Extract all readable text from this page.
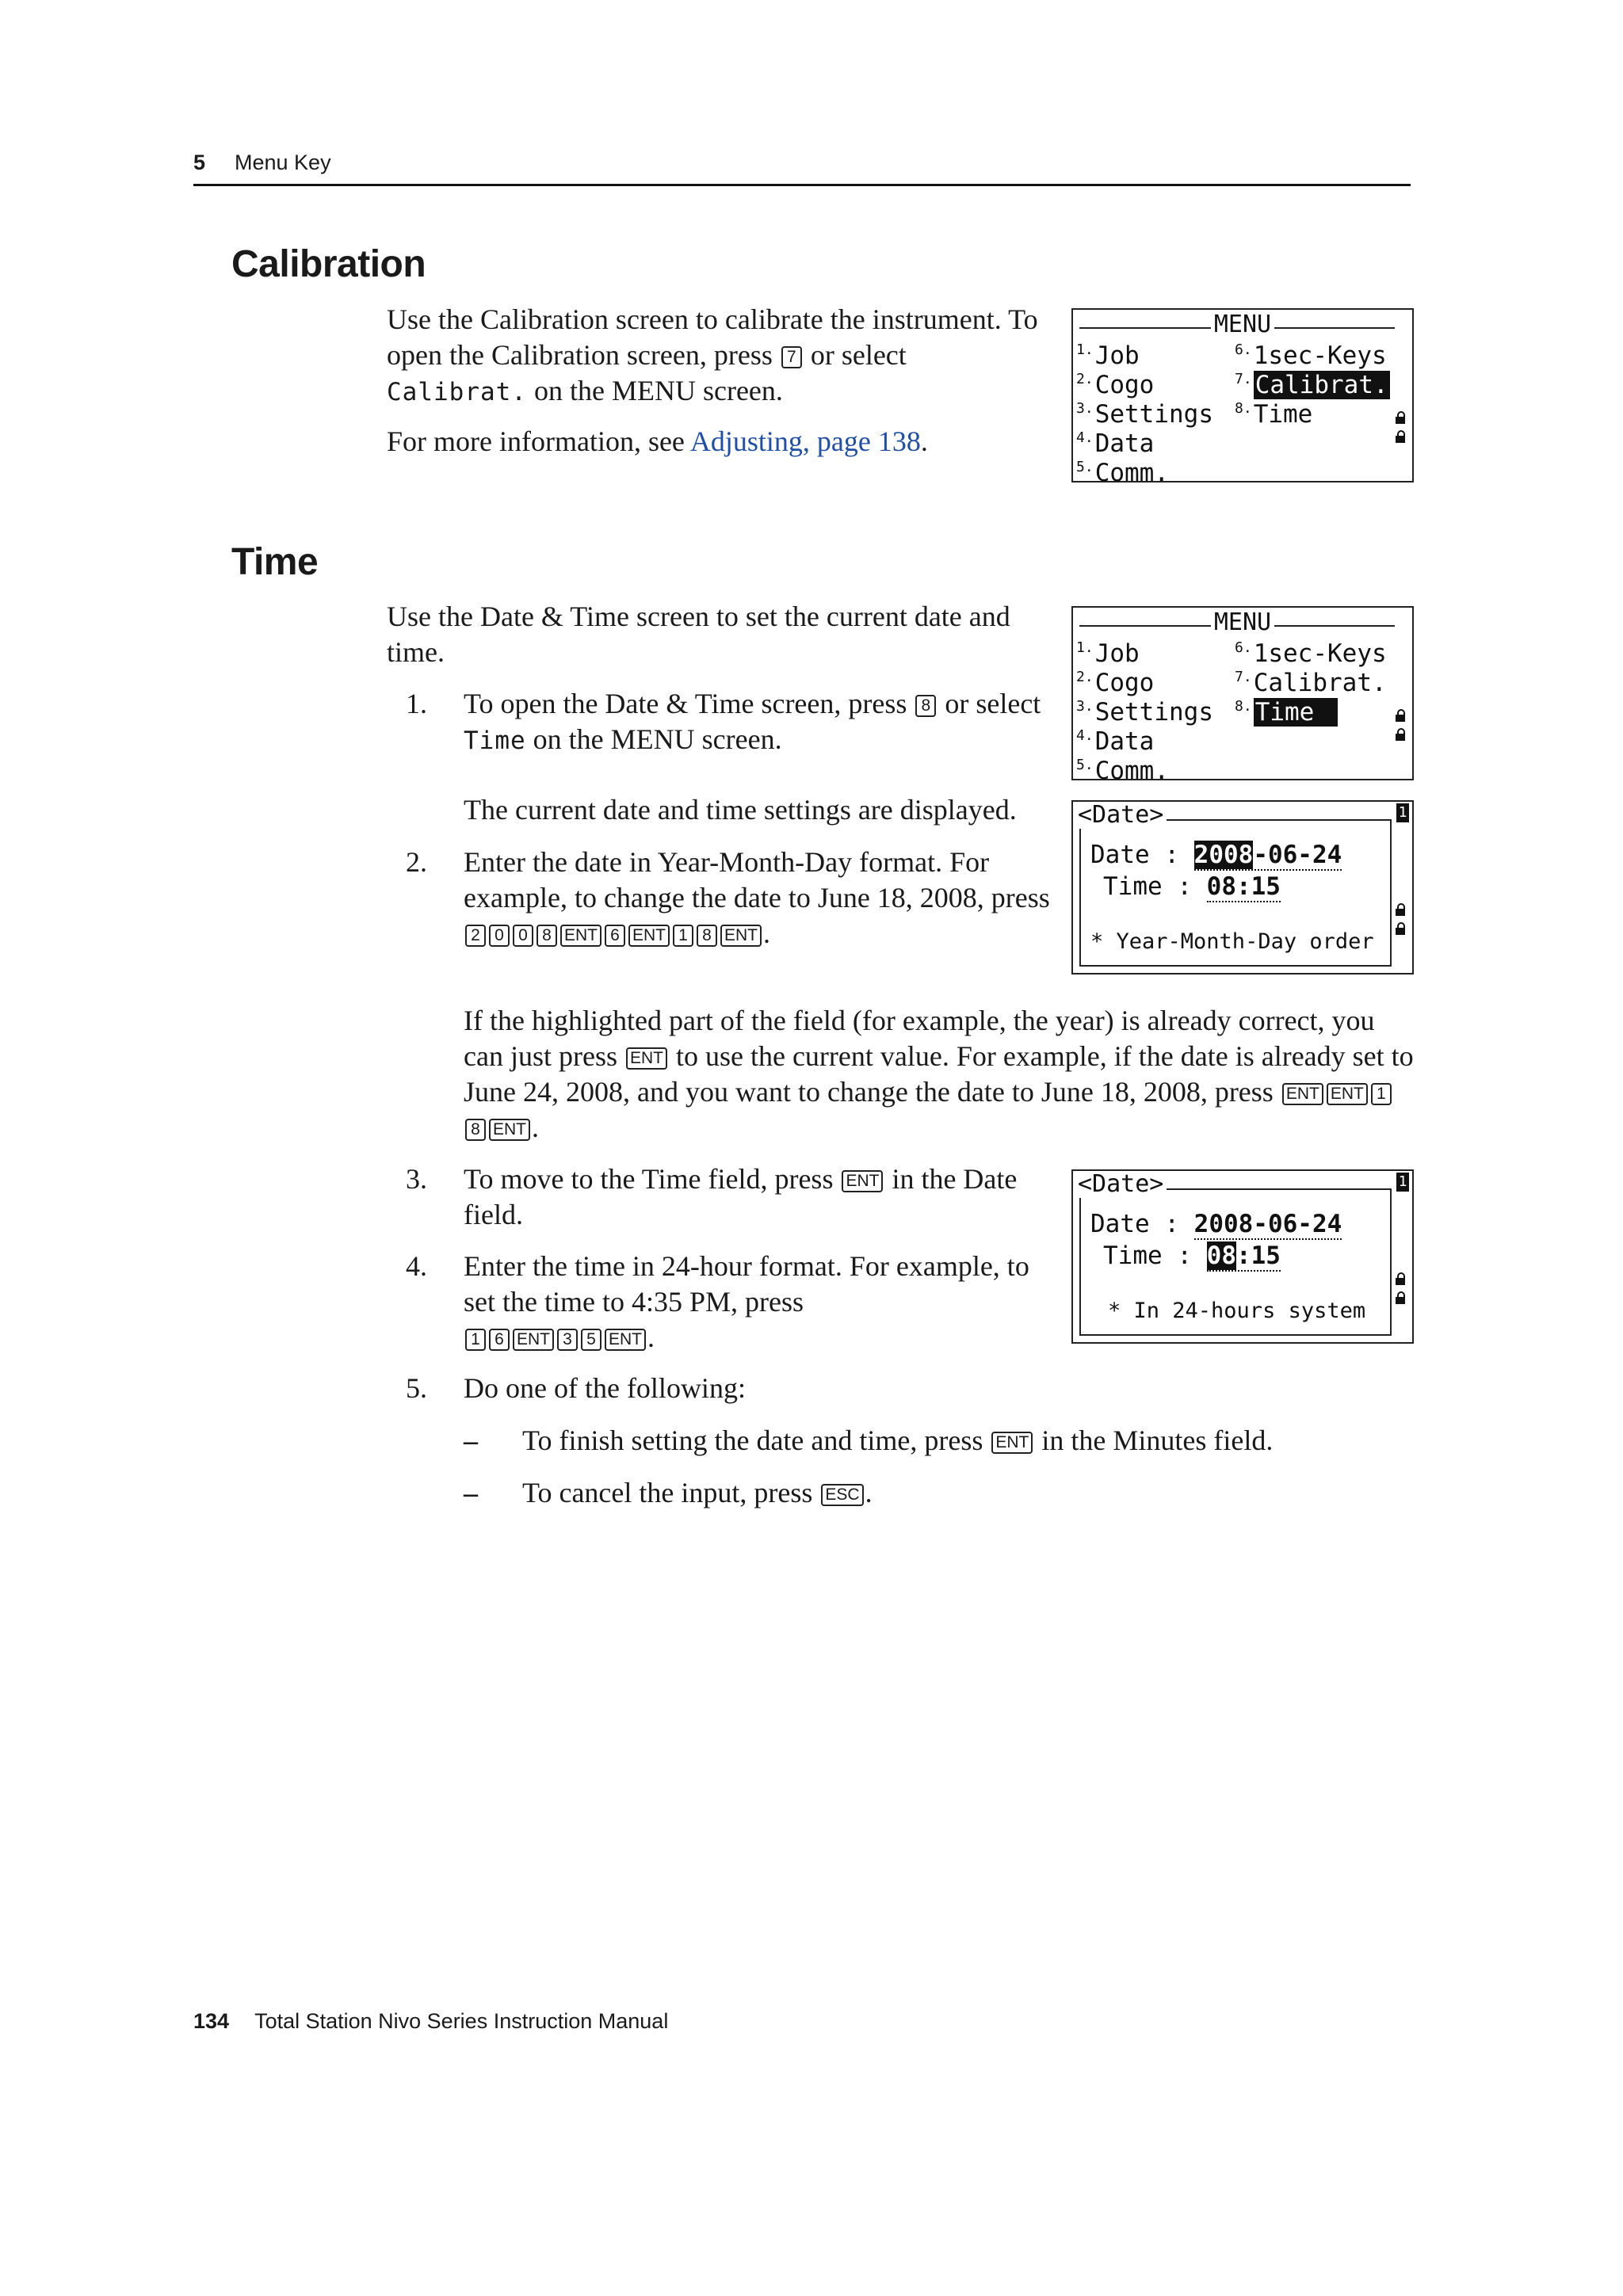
5 Menu Key
Calibration

Use the Calibration screen to calibrate the instrument. To open the Calibration screen, press 7 or select Calibrat. on the MENU screen.

For more information, see Adjusting, page 138.

MENU
$^{1.}$Job
$^{2.}$Cogo
$^{3.}$Settings
$^{4.}$Data
$^{5.}$Comm.
$^{6.}$1sec-Keys
$^{7.}$ Calibrat.
$^{8.}$Time
Time
Use the Date & Time screen to set the current date and time.
1. To open the Date & Time screen, press 8 or select Time on the MENU screen.
The current date and time settings are displayed.
2. Enter the date in Year-Month-Day format. For example, to change the date to June 18, 2008, press
2 0 0 8 ENT 6 ENT 1 8 ENT .
If the highlighted part of the field (for example, the year) is already correct, you can just press ENT to use the current value. For example, if the date is already set to June 24, 2008, and you want to change the date to June 18, 2008, press ENT ENT 18 ENT .
3. To move to the Time field, press ENT in the Date field.
4. Enter the time in 24-hour format. For example, to set the time to 4:35 PM, press
1 6 ENT 3 5 ENT .
5. Do one of the following:
– To finish setting the date and time, press ENT in the Minutes field.
– To cancel the input, press ESC .
MENU
$^{1.}$Job
$^{2.}$Cogo
$^{3.}$Settings
$^{4.}$Data
$^{5.}$Comm.
$^{6.}$1sec-Keys
$^{7.}$Calibrat.
$^{8.}$ Time
<Date>	1
Date : 2008-06-24
Time : 08:15
* Year-Month-Day order
<Date>	1
Date : 2008-06-24
Time : 08:15
* In 24-hours system
134 Total Station Nivo Series Instruction Manual
